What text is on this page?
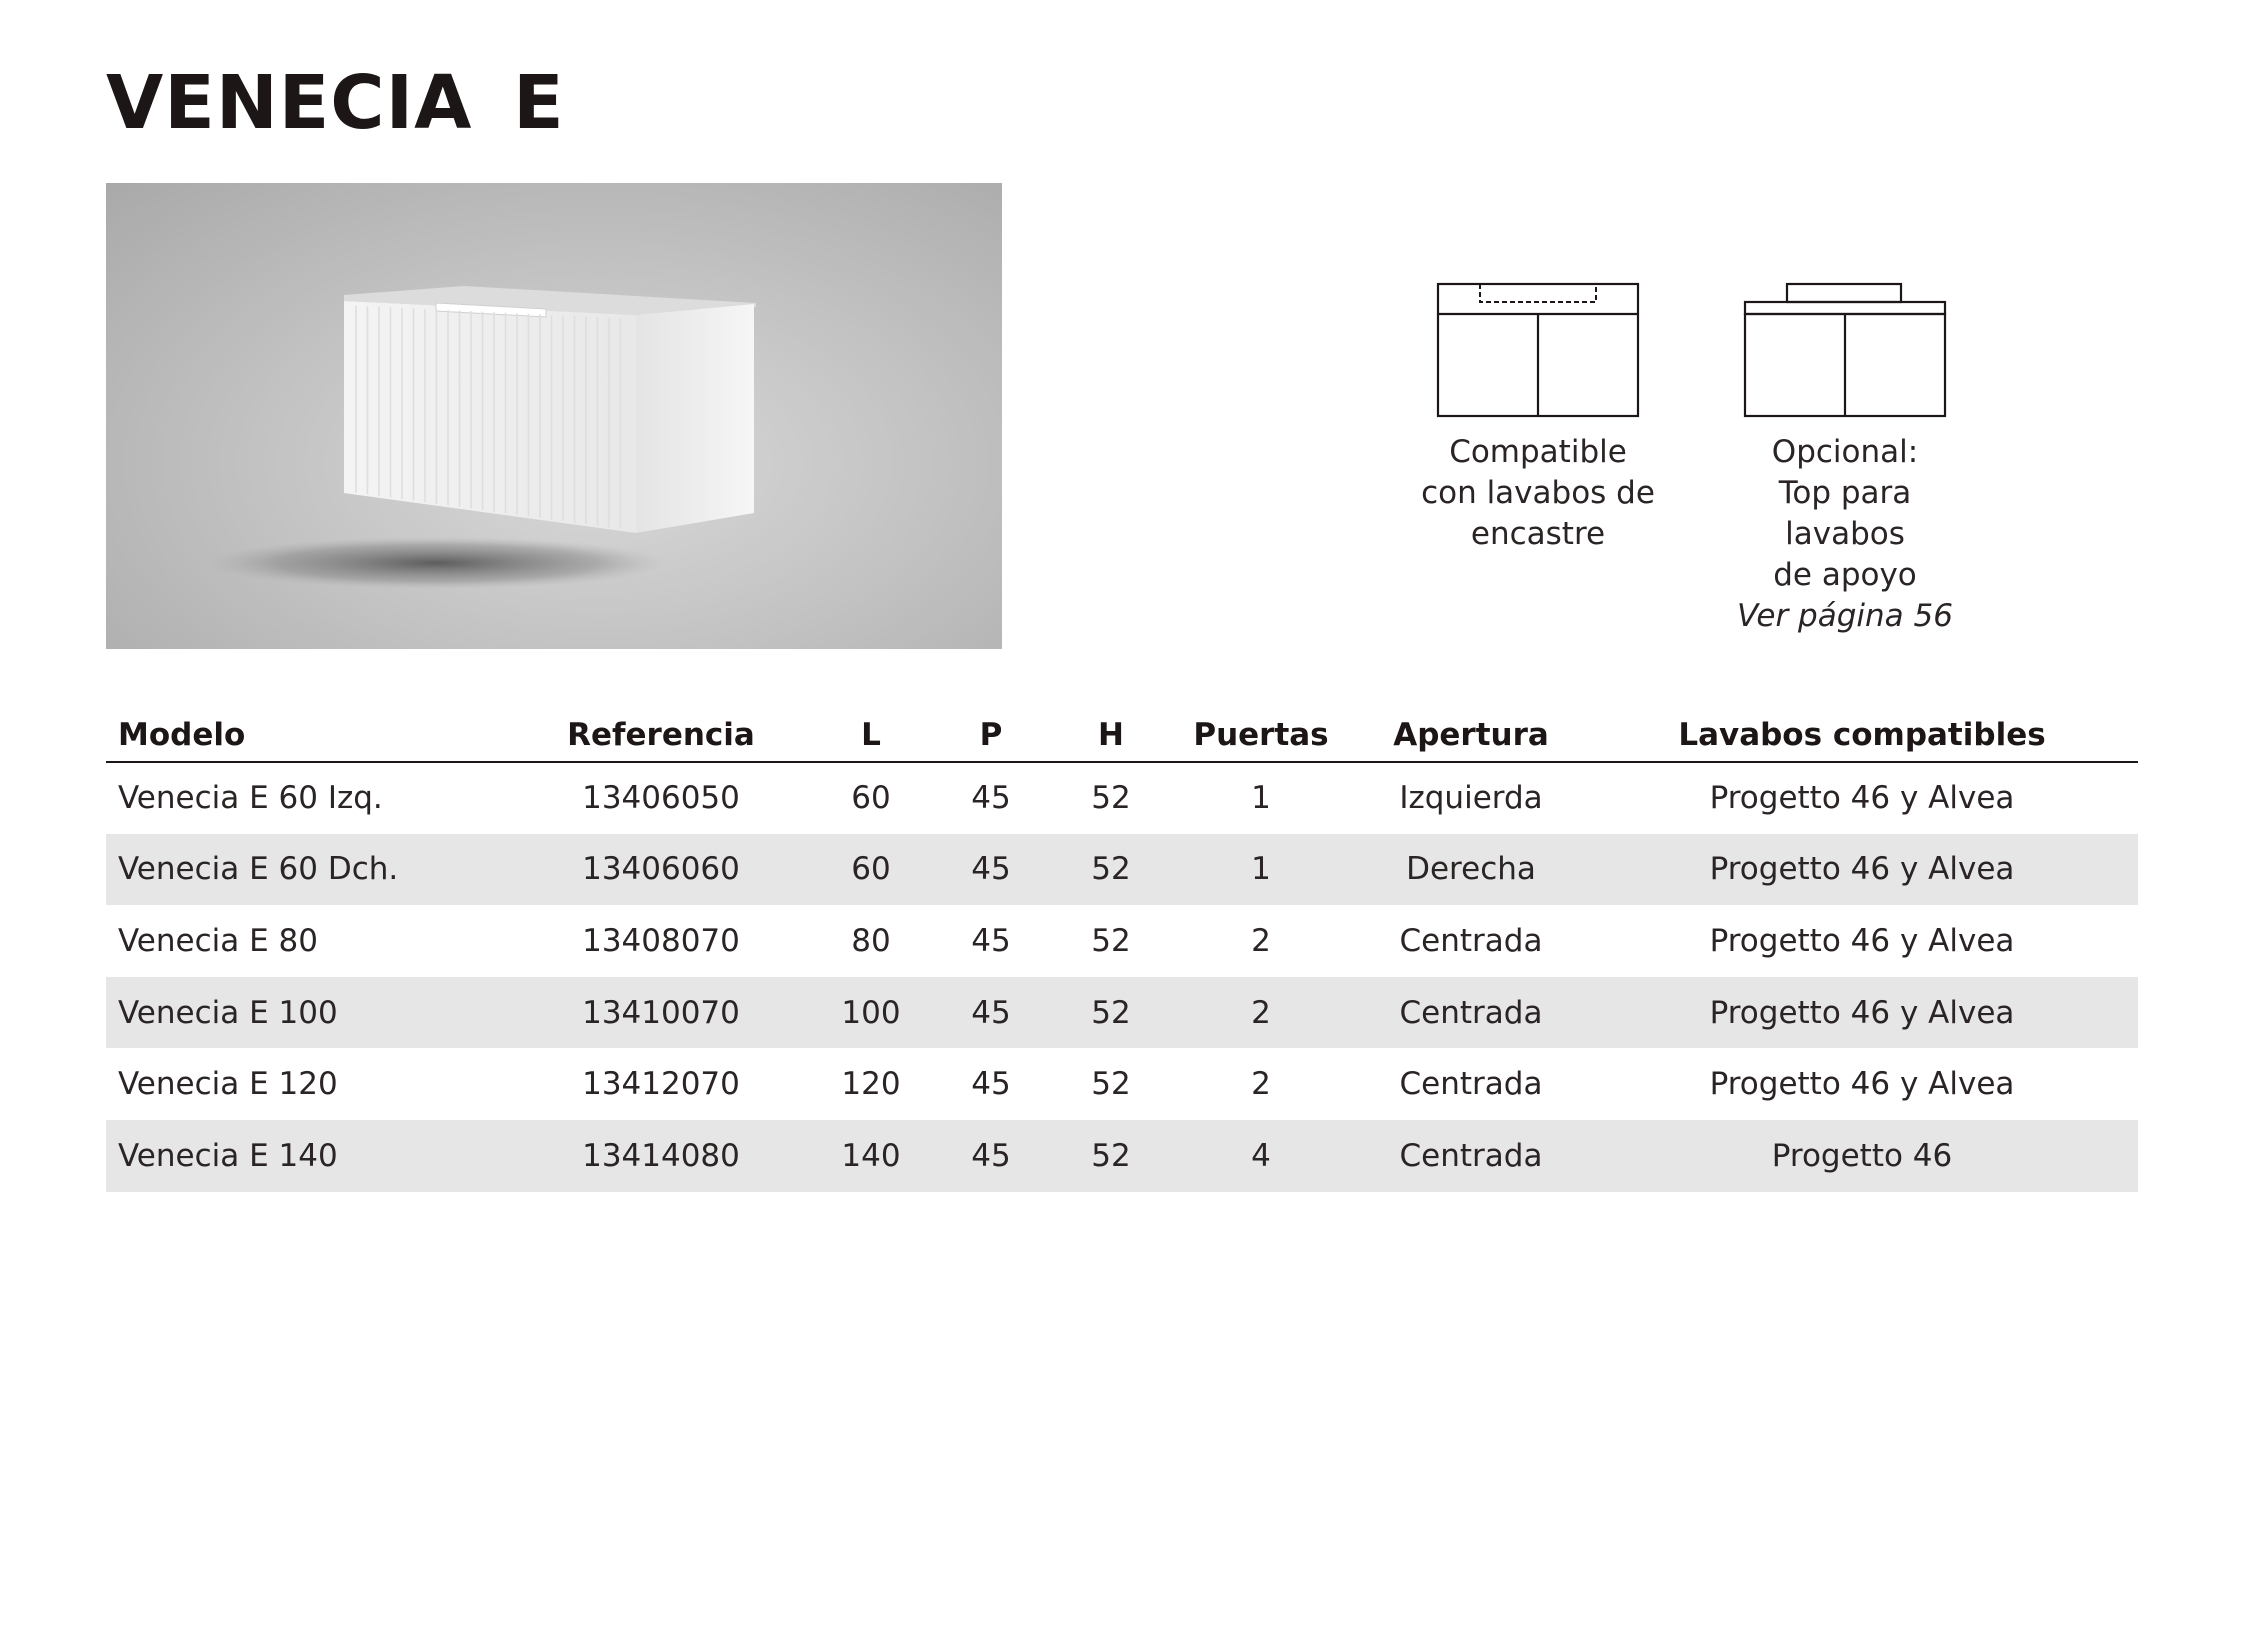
VENECIA E
Compatible
con lavabos de
encastre
Opcional:
Top para lavabos
de apoyo
Ver página 56
Modelo	Referencia	L	P	H	Puertas	Apertura	Lavabos compatibles
Venecia E 60 Izq.	13406050	60	45	52	1	Izquierda	Progetto 46 y Alvea
Venecia E 60 Dch.	13406060	60	45	52	1	Derecha	Progetto 46 y Alvea
Venecia E 80	13408070	80	45	52	2	Centrada	Progetto 46 y Alvea
Venecia E 100	13410070	100	45	52	2	Centrada	Progetto 46 y Alvea
Venecia E 120	13412070	120	45	52	2	Centrada	Progetto 46 y Alvea
Venecia E 140	13414080	140	45	52	4	Centrada	Progetto 46
